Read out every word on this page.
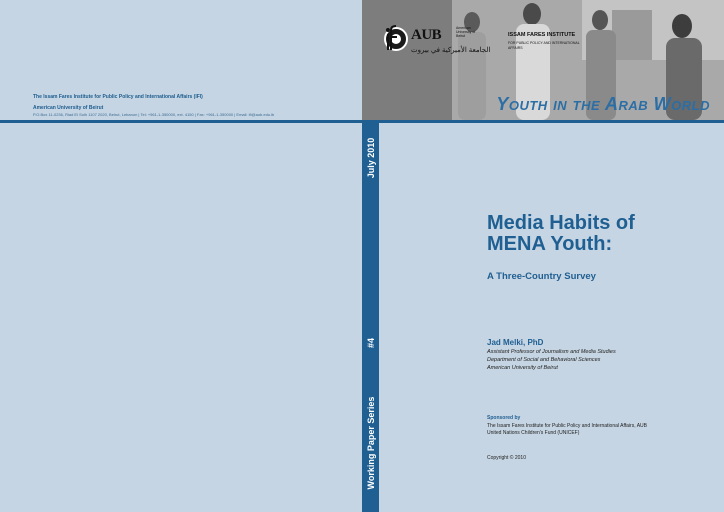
The Issam Fares Institute for Public Policy and International Affairs (IFI)
American University of Beirut
P.O.Box 11-0236, Riad El Solh 1107 2020, Beirut, Lebanon | Tel: +961-1-350000, ext. 4150 | Fax: +961-1-350000 | Email: ifi@aub.edu.lb
AUB	American University of Beirut
الجامعة الأميركية في بيروت
ISSAM FARES INSTITUTE
FOR PUBLIC POLICY AND INTERNATIONAL AFFAIRS
Youth in the Arab World
July 2010
#4
Working Paper Series
Media Habits of
MENA Youth:
A Three-Country Survey
Jad Melki, PhD
Assistant Professor of Journalism and Media Studies
Department of Social and Behavioral Sciences
American University of Beirut
Sponsored by
The Issam Fares Institute for Public Policy and International Affairs, AUB
United Nations Children's Fund (UNICEF)
Copyright © 2010
